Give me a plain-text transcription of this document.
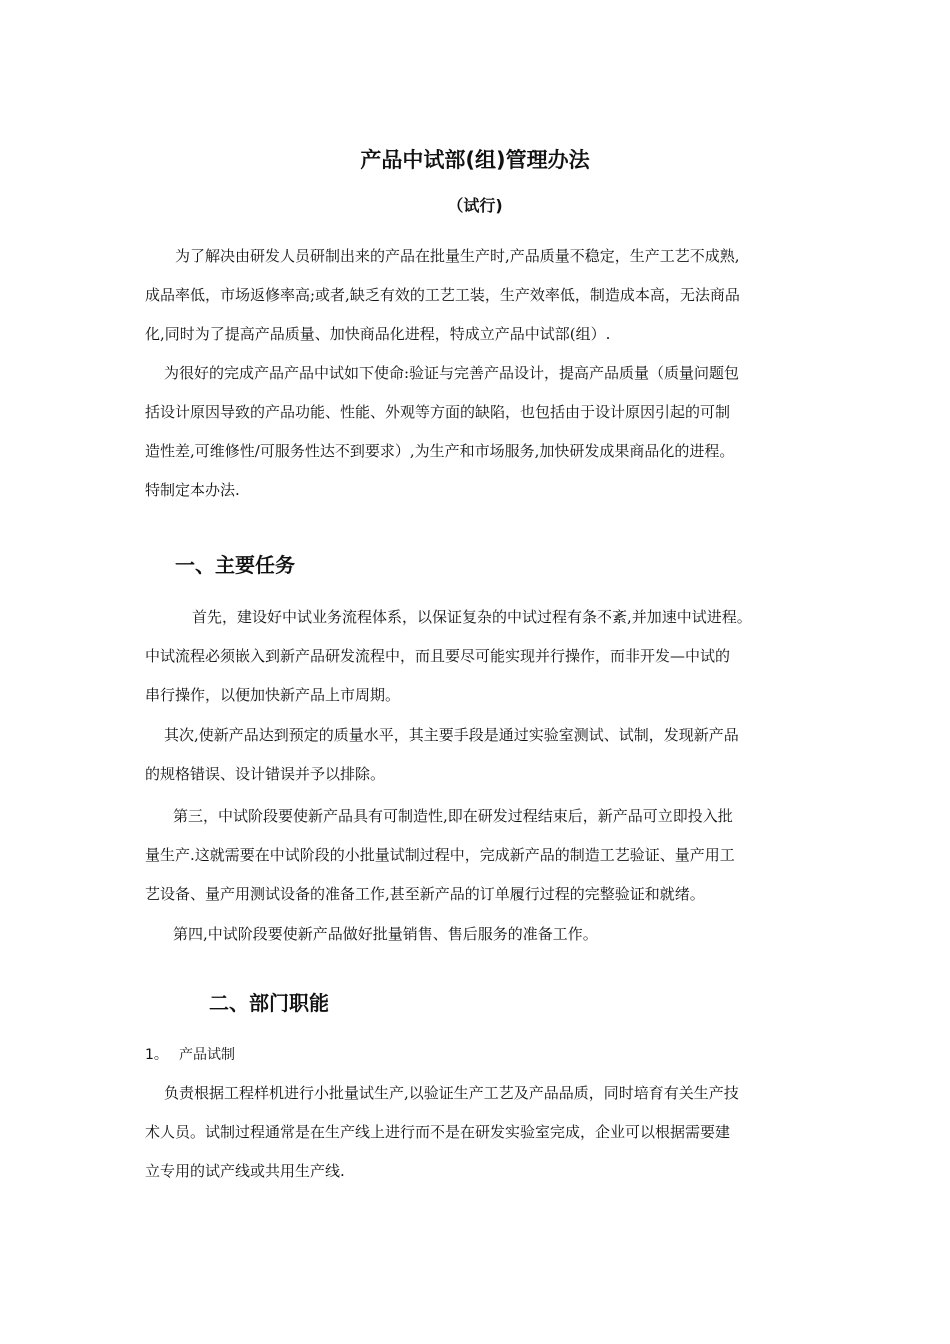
产品中试部(组)管理办法
（试行)
为了解决由研发人员研制出来的产品在批量生产时,产品质量不稳定，生产工艺不成熟,
成品率低，市场返修率高;或者,缺乏有效的工艺工装，生产效率低，制造成本高，无法商品
化,同时为了提高产品质量、加快商品化进程，特成立产品中试部(组）.
为很好的完成产品产品中试如下使命:验证与完善产品设计，提高产品质量（质量问题包
括设计原因导致的产品功能、性能、外观等方面的缺陷，也包括由于设计原因引起的可制
造性差,可维修性/可服务性达不到要求）,为生产和市场服务,加快研发成果商品化的进程。
特制定本办法.
一、主要任务
首先，建设好中试业务流程体系，以保证复杂的中试过程有条不紊,并加速中试进程。
中试流程必须嵌入到新产品研发流程中，而且要尽可能实现并行操作，而非开发—中试的
串行操作，以便加快新产品上市周期。
其次,使新产品达到预定的质量水平，其主要手段是通过实验室测试、试制，发现新产品
的规格错误、设计错误并予以排除。
第三，中试阶段要使新产品具有可制造性,即在研发过程结束后，新产品可立即投入批
量生产.这就需要在中试阶段的小批量试制过程中，完成新产品的制造工艺验证、量产用工
艺设备、量产用测试设备的准备工作,甚至新产品的订单履行过程的完整验证和就绪。
第四,中试阶段要使新产品做好批量销售、售后服务的准备工作。
二、部门职能
1。 产品试制
负责根据工程样机进行小批量试生产,以验证生产工艺及产品品质，同时培育有关生产技
术人员。试制过程通常是在生产线上进行而不是在研发实验室完成，企业可以根据需要建
立专用的试产线或共用生产线.
